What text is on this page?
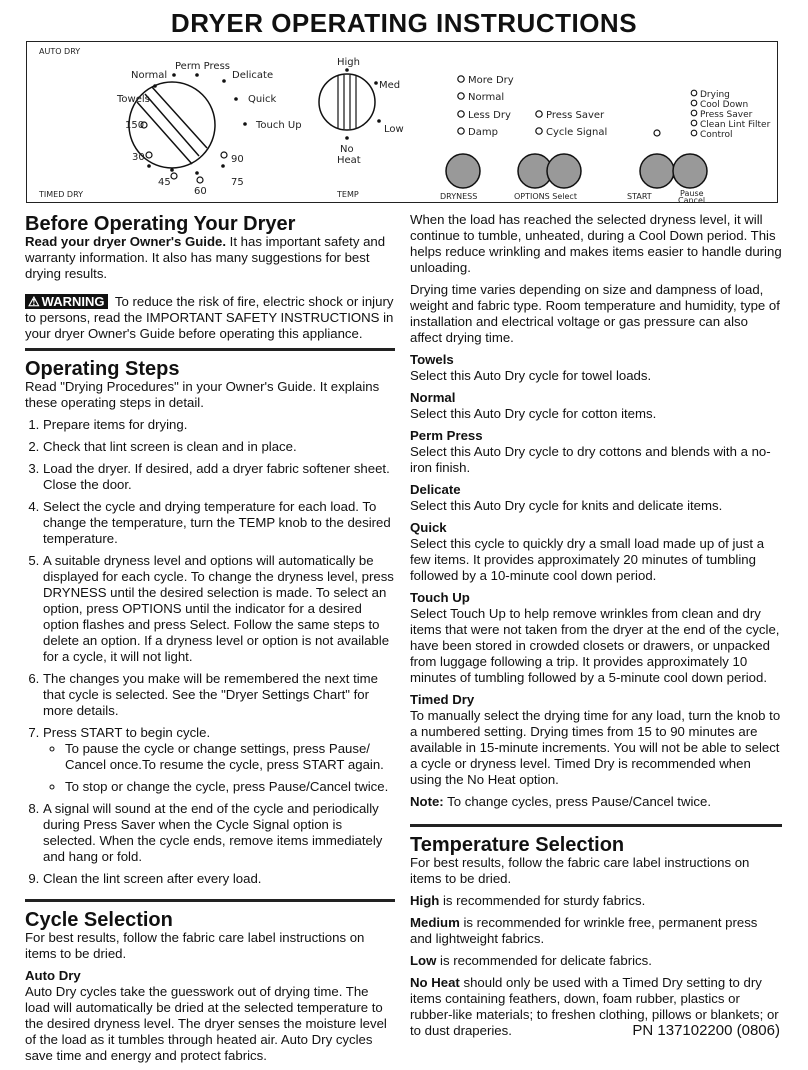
DRYER OPERATING INSTRUCTIONS
AUTO DRY
TIMED DRY
Perm Press
Normal	Delicate
Towels	Quick
150	Touch Up
30	90
45
60
75
High
Med
Low
No
Heat
TEMP
More Dry
Normal
Less Dry
Damp
Press Saver
Cycle Signal
Drying
Cool Down
Press Saver
Clean Lint Filter
Control
DRYNESS	OPTIONS Select	START	Pause
Cancel
Before Operating Your Dryer

Read your dryer Owner's Guide. It has important safety and warranty information. It also has many suggestions for best drying results.

⚠ WARNING To reduce the risk of fire, electric shock or injury to persons, read the IMPORTANT SAFETY INSTRUCTIONS in your dryer Owner's Guide before operating this appliance.

Operating Steps

Read "Drying Procedures" in your Owner's Guide. It explains these operating steps in detail.

1. Prepare items for drying.
2. Check that lint screen is clean and in place.
3. Load the dryer. If desired, add a dryer fabric softener sheet. Close the door.
4. Select the cycle and drying temperature for each load. To change the temperature, turn the TEMP knob to the desired temperature.
5. A suitable dryness level and options will automatically be displayed for each cycle. To change the dryness level, press DRYNESS until the desired selection is made. To select an option, press OPTIONS until the indicator for a desired option flashes and press Select. Follow the same steps to delete an option. If a dryness level or option is not available for a cycle, it will not light.
6. The changes you make will be remembered the next time that cycle is selected. See the "Dryer Settings Chart" for more details.
7. Press START to begin cycle.
◦ To pause the cycle or change settings, press Pause/ Cancel once.To resume the cycle, press START again.
◦ To stop or change the cycle, press Pause/Cancel twice.
8. A signal will sound at the end of the cycle and periodically during Press Saver when the Cycle Signal option is selected. When the cycle ends, remove items immediately and hang or fold.
9. Clean the lint screen after every load.
Cycle Selection

For best results, follow the fabric care label instructions on items to be dried.

Auto Dry

Auto Dry cycles take the guesswork out of drying time. The load will automatically be dried at the selected temperature to the desired dryness level. The dryer senses the moisture level of the load as it tumbles through heated air. Auto Dry cycles save time and energy and protect fabrics.

When the load has reached the selected dryness level, it will continue to tumble, unheated, during a Cool Down period. This helps reduce wrinkling and makes items easier to handle during unloading.

Drying time varies depending on size and dampness of load, weight and fabric type. Room temperature and humidity, type of installation and electrical voltage or gas pressure can also affect drying time.

Towels

Select this Auto Dry cycle for towel loads.

Normal

Select this Auto Dry cycle for cotton items.

Perm Press

Select this Auto Dry cycle to dry cottons and blends with a no-iron finish.

Delicate

Select this Auto Dry cycle for knits and delicate items.

Quick

Select this cycle to quickly dry a small load made up of just a few items. It provides approximately 20 minutes of tumbling followed by a 10-minute cool down period.

Touch Up

Select Touch Up to help remove wrinkles from clean and dry items that were not taken from the dryer at the end of the cycle, have been stored in crowded closets or drawers, or unpacked from luggage following a trip. It provides approximately 10 minutes of tumbling followed by a 5-minute cool down period.

Timed Dry

To manually select the drying time for any load, turn the knob to a numbered setting. Drying times from 15 to 90 minutes are available in 15-minute increments. You will not be able to select a cycle or dryness level. Timed Dry is recommended when using the No Heat option.

Note: To change cycles, press Pause/Cancel twice.

Temperature Selection

For best results, follow the fabric care label instructions on items to be dried.

High is recommended for sturdy fabrics.

Medium is recommended for wrinkle free, permanent press and lightweight fabrics.

Low is recommended for delicate fabrics.

No Heat should only be used with a Timed Dry setting to dry items containing feathers, down, foam rubber, plastics or rubber-like materials; to freshen clothing, pillows or blankets; or to dust draperies.	PN 137102200 (0806)
